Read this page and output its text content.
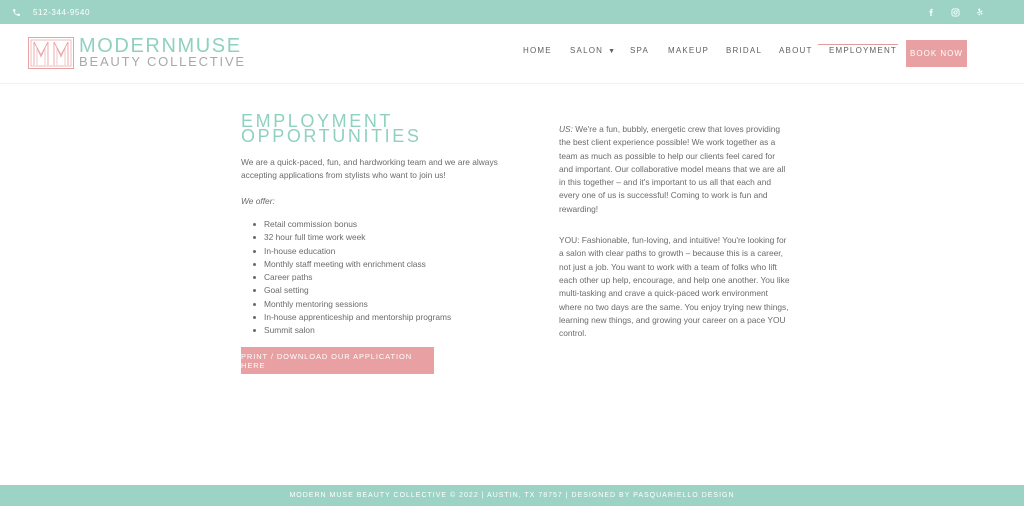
512-344-9540
MODERNMUSE
BEAUTY COLLECTIVE
HOME SALON ▼ SPA MAKEUP BRIDAL ABOUT EMPLOYMENT	BOOK NOW
EMPLOYMENT OPPORTUNITIES

We are a quick-paced, fun, and hardworking team and we are always accepting applications from stylists who want to join us!

We offer:

Retail commission bonus
32 hour full time work week
In-house education
Monthly staff meeting with enrichment class
Career paths
Goal setting
Monthly mentoring sessions
In-house apprenticeship and mentorship programs
Summit salon
PRINT / DOWNLOAD OUR APPLICATION HERE

US: We're a fun, bubbly, energetic crew that loves providing the best client experience possible! We work together as a team as much as possible to help our clients feel cared for and important. Our collaborative model means that we are all in this together – and it's important to us all that each and every one of us is successful! Coming to work is fun and rewarding!

YOU: Fashionable, fun-loving, and intuitive! You're looking for a salon with clear paths to growth – because this is a career, not just a job. You want to work with a team of folks who lift each other up help, encourage, and help one another. You like multi-tasking and crave a quick-paced work environment where no two days are the same. You enjoy trying new things, learning new things, and growing your career on a pace YOU control.

MODERN MUSE BEAUTY COLLECTIVE © 2022 | AUSTIN, TX 78757 | DESIGNED BY PASQUARIELLO DESIGN
